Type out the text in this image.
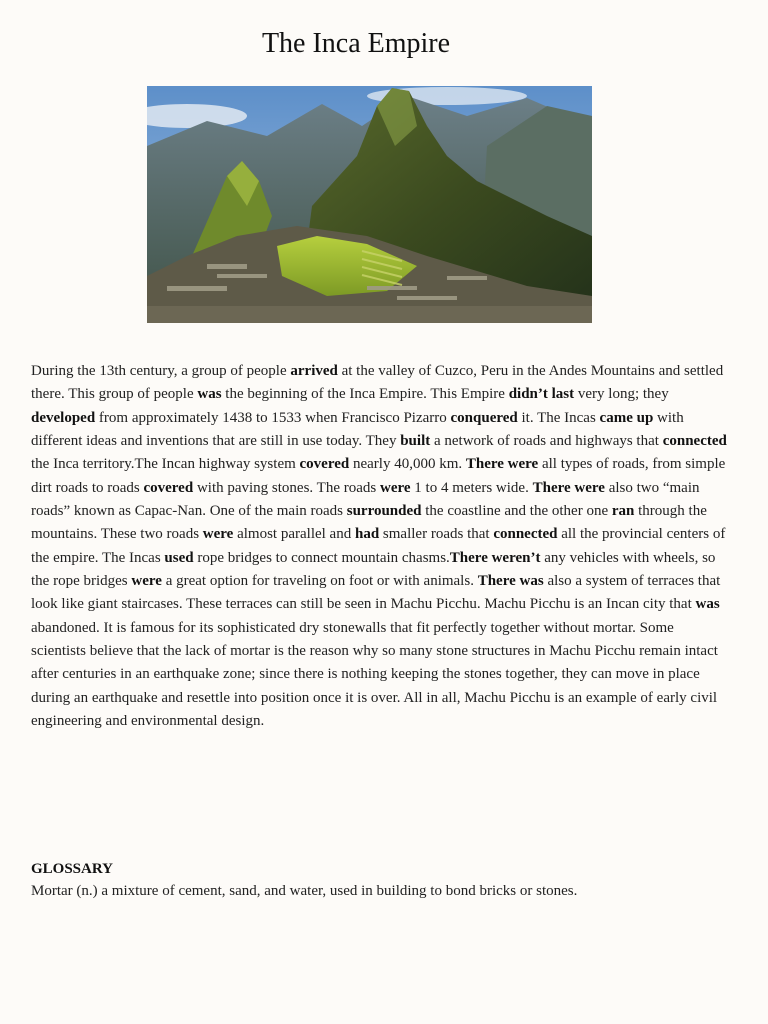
The Inca Empire

During the 13th century, a group of people arrived at the valley of Cuzco, Peru in the Andes Mountains and settled there. This group of people was the beginning of the Inca Empire. This Empire didn’t last very long; they developed from approximately 1438 to 1533 when Francisco Pizarro conquered it. The Incas came up with different ideas and inventions that are still in use today. They built a network of roads and highways that connected the Inca territory.The Incan highway system covered nearly 40,000 km. There were all types of roads, from simple dirt roads to roads covered with paving stones. The roads were 1 to 4 meters wide. There were also two “main roads” known as Capac-Nan. One of the main roads surrounded the coastline and the other one ran through the mountains. These two roads were almost parallel and had smaller roads that connected all the provincial centers of the empire. The Incas used rope bridges to connect mountain chasms.There weren’t any vehicles with wheels, so the rope bridges were a great option for traveling on foot or with animals. There was also a system of terraces that look like giant staircases. These terraces can still be seen in Machu Picchu. Machu Picchu is an Incan city that was abandoned. It is famous for its sophisticated dry stonewalls that fit perfectly together without mortar. Some scientists believe that the lack of mortar is the reason why so many stone structures in Machu Picchu remain intact after centuries in an earthquake zone; since there is nothing keeping the stones together, they can move in place during an earthquake and resettle into position once it is over. All in all, Machu Picchu is an example of early civil engineering and environmental design.

GLOSSARY

Mortar (n.) a mixture of cement, sand, and water, used in building to bond bricks or stones.
